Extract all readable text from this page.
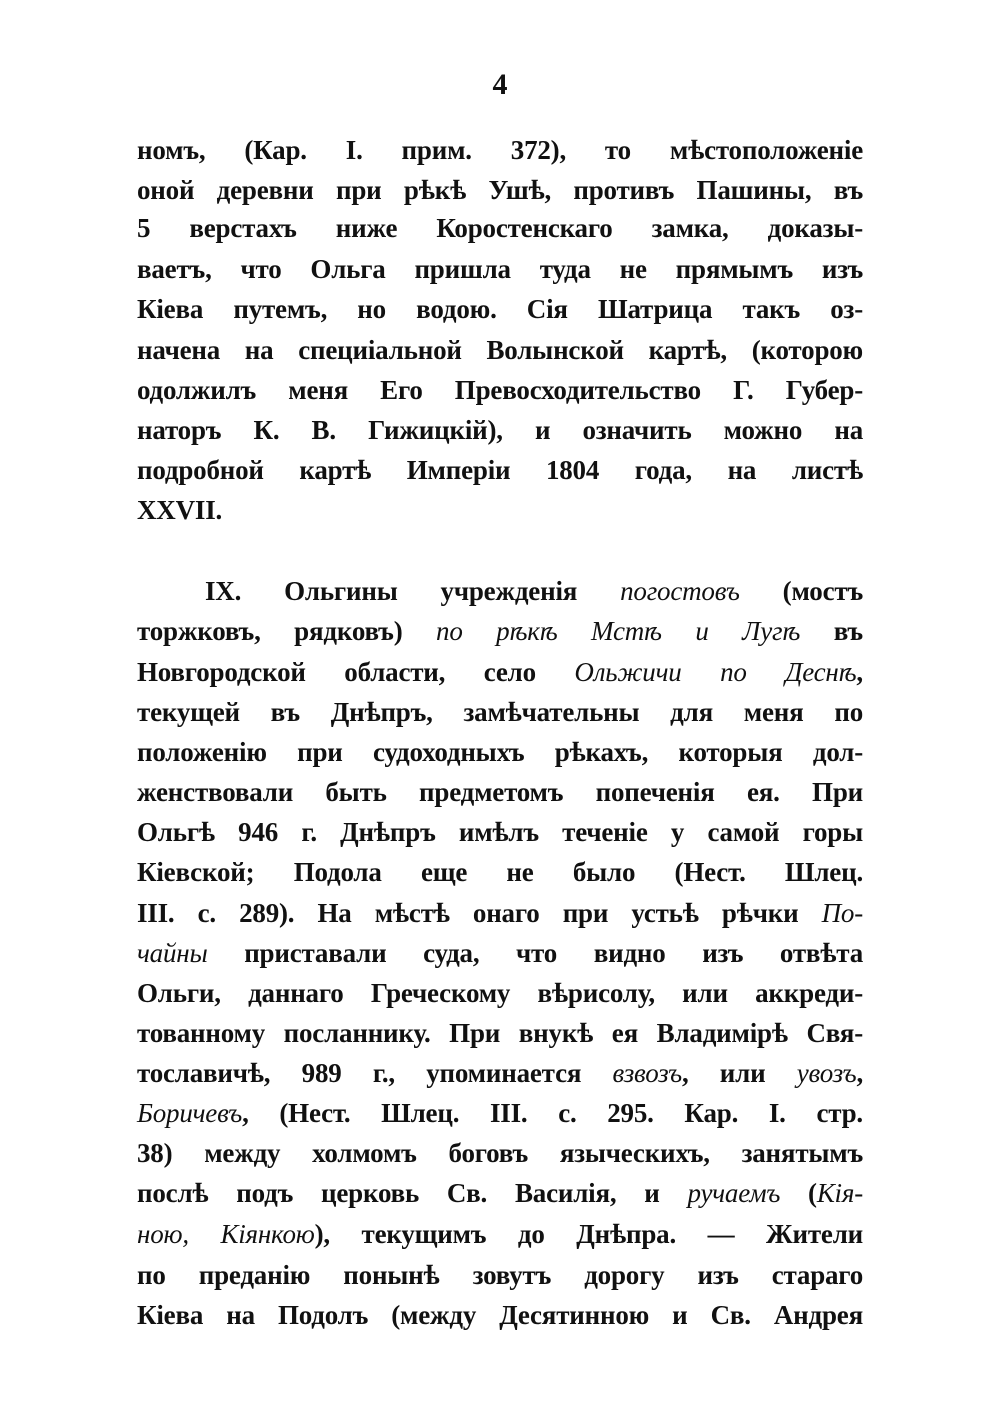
4
номъ, (Кар. I. прим. 372), то мѣстоположеніе
оной деревни при рѣкѣ Ушѣ, противъ Пашины, въ
5 верстахъ ниже Коростенскаго замка, доказы-
ваетъ, что Ольга пришла туда не прямымъ изъ
Кіева путемъ, но водою. Сія Шатрица такъ оз-
начена на специіальной Волынской картѣ, (которою
одолжилъ меня Его Превосходительство Г. Губер-
наторъ К. В. Гижицкій), и означить можно на
подробной картѣ Имперіи 1804 года, на листѣ
XXVII.
IX. Ольгины учрежденія погостовъ (мостъ
торжковъ, рядковъ) по рѣкѣ Мстѣ и Лугѣ въ
Новгородской области, село Ольжичи по Деснѣ,
текущей въ Днѣпръ, замѣчательны для меня по
положенію при судоходныхъ рѣкахъ, которыя дол-
женствовали быть предметомъ попеченія ея. При
Ольгѣ 946 г. Днѣпръ имѣлъ теченіе у самой горы
Кіевской; Подола еще не было (Нест. Шлец.
III. с. 289). На мѣстѣ онаго при устьѣ рѣчки По-
чайны приставали суда, что видно изъ отвѣта
Ольги, даннаго Греческому вѣрисолу, или аккреди-
тованному посланнику. При внукѣ ея Владимірѣ Свя-
тославичѣ, 989 г., упоминается взвозъ, или увозъ,
Боричевъ, (Нест. Шлец. III. с. 295. Кар. I. стр.
38) между холмомъ боговъ языческихъ, занятымъ
послѣ подъ церковь Св. Василія, и ручаемъ (Кія-
ною, Кіянкою), текущимъ до Днѣпра. — Жители
по преданію понынѣ зовутъ дорогу изъ стараго
Кіева на Подолъ (между Десятинною и Св. Андрея
